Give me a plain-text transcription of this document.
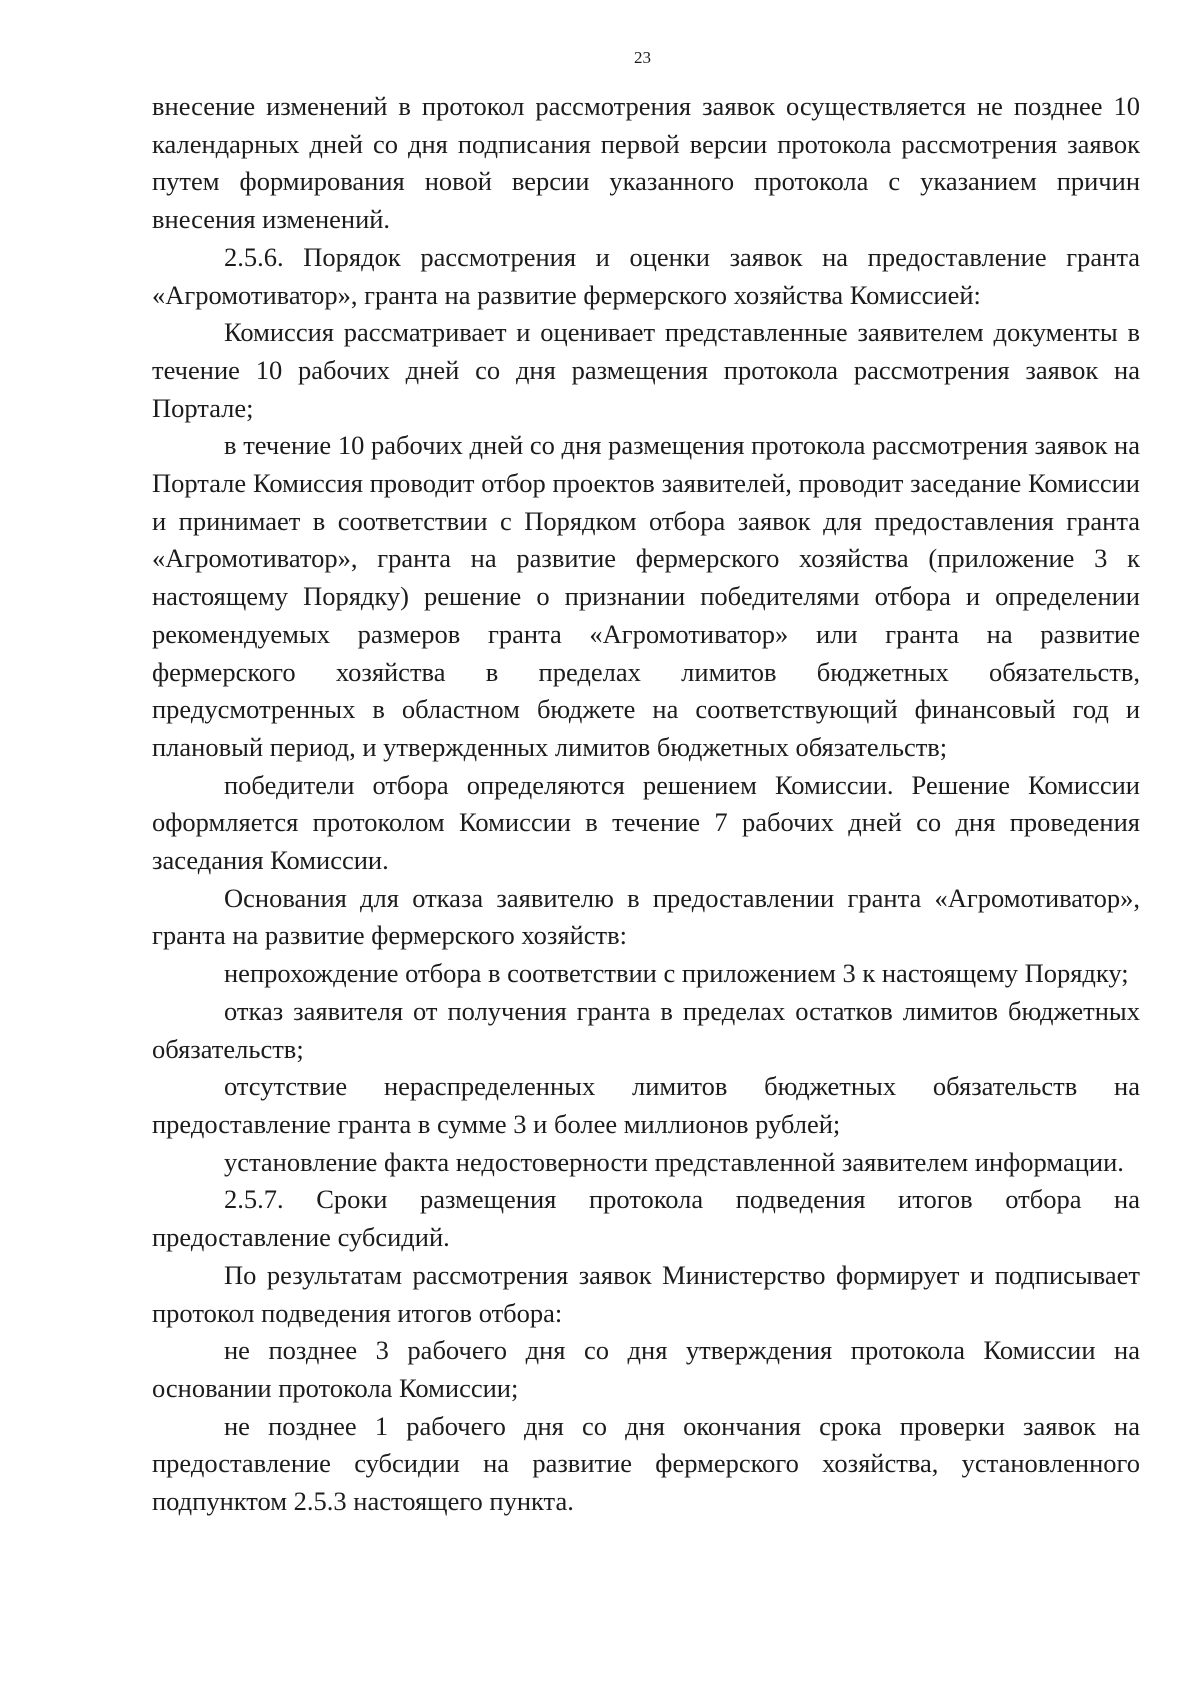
23

внесение изменений в протокол рассмотрения заявок осуществляется не позднее 10 календарных дней со дня подписания первой версии протокола рассмотрения заявок путем формирования новой версии указанного протокола с указанием причин внесения изменений.

2.5.6. Порядок рассмотрения и оценки заявок на предоставление гранта «Агромотиватор», гранта на развитие фермерского хозяйства Комиссией:

Комиссия рассматривает и оценивает представленные заявителем документы в течение 10 рабочих дней со дня размещения протокола рассмотрения заявок на Портале;

в течение 10 рабочих дней со дня размещения протокола рассмотрения заявок на Портале Комиссия проводит отбор проектов заявителей, проводит заседание Комиссии и принимает в соответствии с Порядком отбора заявок для предоставления гранта «Агромотиватор», гранта на развитие фермерского хозяйства (приложение 3 к настоящему Порядку) решение о признании победителями отбора и определении рекомендуемых размеров гранта «Агромотиватор» или гранта на развитие фермерского хозяйства в пределах лимитов бюджетных обязательств, предусмотренных в областном бюджете на соответствующий финансовый год и плановый период, и утвержденных лимитов бюджетных обязательств;

победители отбора определяются решением Комиссии. Решение Комиссии оформляется протоколом Комиссии в течение 7 рабочих дней со дня проведения заседания Комиссии.

Основания для отказа заявителю в предоставлении гранта «Агромотиватор», гранта на развитие фермерского хозяйств:

непрохождение отбора в соответствии с приложением 3 к настоящему Порядку;

отказ заявителя от получения гранта в пределах остатков лимитов бюджетных обязательств;

отсутствие нераспределенных лимитов бюджетных обязательств на предоставление гранта в сумме 3 и более миллионов рублей;

установление факта недостоверности представленной заявителем информации.

2.5.7. Сроки размещения протокола подведения итогов отбора на предоставление субсидий.

По результатам рассмотрения заявок Министерство формирует и подписывает протокол подведения итогов отбора:

не позднее 3 рабочего дня со дня утверждения протокола Комиссии на основании протокола Комиссии;

не позднее 1 рабочего дня со дня окончания срока проверки заявок на предоставление субсидии на развитие фермерского хозяйства, установленного подпунктом 2.5.3 настоящего пункта.
